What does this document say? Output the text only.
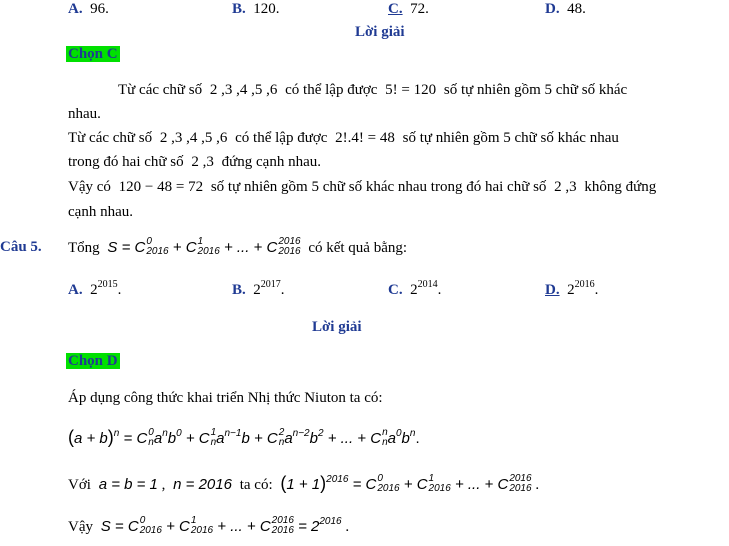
A. 96.	B. 120.	C. 72.	D. 48.
Lời giải
Chọn C
Từ các chữ số 2 ,3 ,4 ,5 ,6 có thể lập được 5! = 120 số tự nhiên gồm 5 chữ số khác
nhau.
Từ các chữ số 2 ,3 ,4 ,5 ,6 có thể lập được 2!.4! = 48 số tự nhiên gồm 5 chữ số khác nhau
trong đó hai chữ số 2 ,3 đứng cạnh nhau.
Vậy có 120 − 48 = 72 số tự nhiên gồm 5 chữ số khác nhau trong đó hai chữ số 2 ,3 không đứng
cạnh nhau.
Câu 5. Tổng S = C 0
2016 + C 1
2016 + ... + C 2016
2016 có kết quả bằng:
A. $2^{2015}$.	B. $2^{2017}$.	C. $2^{2014}$.	D. $2^{2016}$.
Lời giải
Chọn D
Áp dụng công thức khai triển Nhị thức Niuton ta có:
$(a + b)^n = C$ 0
n $a^nb^0 + C$ 1
n $a^{n-1}b + C$ 2
n $a^{n-2}b^2$ + ... + C n
n $a^0b^n$.
Với a = b = 1 , n = 2016 ta có: $(1 + 1)^{2016} = C$ 0
2016 + C 1
2016 + ... + C 2016
2016 .
Vậy S = C 0
2016 + C 1
2016 + ... + C 2016
$2016 = 2^{2016}$ .
